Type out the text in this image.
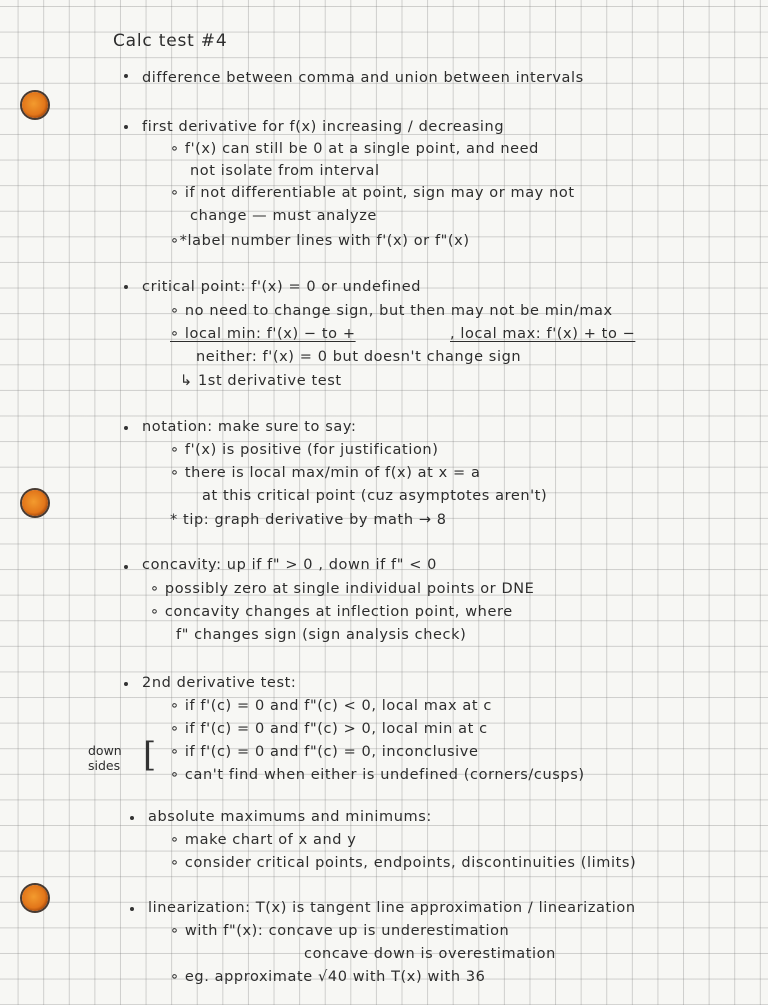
Calc test #4
difference between comma and union between intervals
first derivative for f(x) increasing / decreasing
∘ f'(x) can still be 0 at a single point, and need
not isolate from interval
∘ if not differentiable at point, sign may or may not
change — must analyze
∘*label number lines with f'(x) or f"(x)
critical point: f'(x) = 0 or undefined
∘ no need to change sign, but then may not be min/max
∘ local min: f'(x) − to +	, local max: f'(x) + to −
neither: f'(x) = 0 but doesn't change sign
↳ 1st derivative test
notation: make sure to say:
∘ f'(x) is positive (for justification)
∘ there is local max/min of f(x) at x = a
at this critical point (cuz asymptotes aren't)
* tip: graph derivative by math → 8
concavity: up if f" > 0 , down if f" < 0
∘ possibly zero at single individual points or DNE
∘ concavity changes at inflection point, where
f" changes sign (sign analysis check)
2nd derivative test:
∘ if f'(c) = 0 and f"(c) < 0, local max at c
∘ if f'(c) = 0 and f"(c) > 0, local min at c
∘ if f'(c) = 0 and f"(c) = 0, inconclusive
∘ can't find when either is undefined (corners/cusps)
down
sides [
absolute maximums and minimums:
∘ make chart of x and y
∘ consider critical points, endpoints, discontinuities (limits)
linearization: T(x) is tangent line approximation / linearization
∘ with f"(x): concave up is underestimation
concave down is overestimation
∘ eg. approximate √40 with T(x) with 36
